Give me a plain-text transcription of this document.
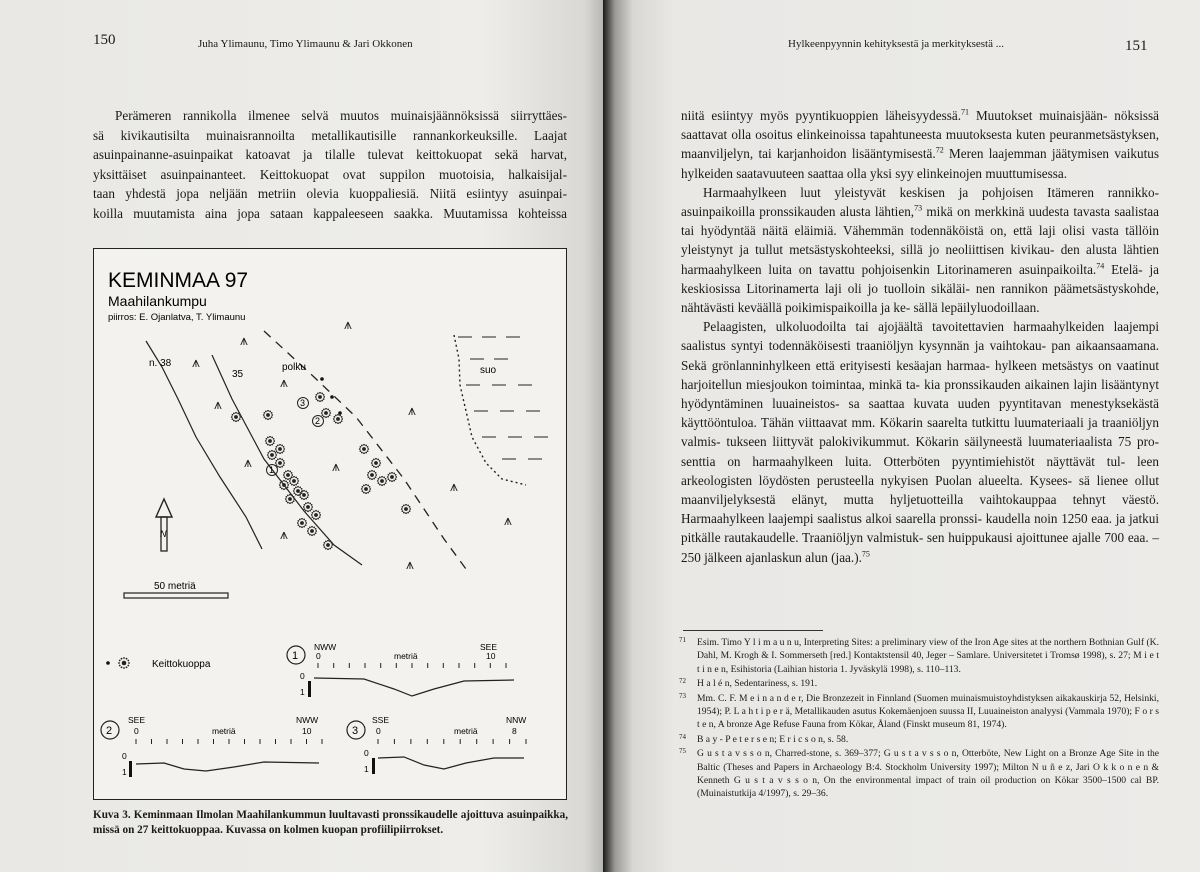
150	Juha Ylimaunu, Timo Ylimaunu & Jari Okkonen

Perämeren rannikolla ilmenee selvä muutos muinaisjäännöksissä siirryttäes-

sä kivikautisilta muinaisrannoilta metallikautisille rannankorkeuksille. Laajat

asuinpainanne-asuinpaikat katoavat ja tilalle tulevat keittokuopat sekä harvat,

yksittäiset asuinpainanteet. Keittokuopat ovat suppilon muotoisia, halkaisijal-

taan yhdestä jopa neljään metriin olevia kuoppaliesiä. Niitä esiintyy asuinpai-

koilla muutamista aina jopa sataan kappaleeseen saakka. Muutamissa kohteissa

KEMINMAA 97
Maahilankumpu
piirros: E. Ojanlatva, T. Ylimaunu
n. 38
35
polku	suo
⩚
⩚
⩚
⩚
⩚
⩚	⩚
⩚
⩚
⩚
⩚
⩚
3
2
1
N
50 metriä
Keittokuoppa
1
NWW
0	metriä
SEE
10
0
1
2
SEE
0	metriä
NWW
10
0
1
3
SSE
0	metriä
NNW
8
0
1
Kuva 3. Keminmaan Ilmolan Maahilankummun luultavasti pronssikaudelle ajoittuva asuinpaikka, missä on 27 keittokuoppaa. Kuvassa on kolmen kuopan profiilipiirrokset.
Hylkeenpyynnin kehityksestä ja merkityksestä ...	151

niitä esiintyy myös pyyntikuoppien läheisyydessä.$^{71}$ Muutokset muinaisjään- nöksissä saattavat olla osoitus elinkeinoissa tapahtuneesta muutoksesta kuten peuranmetsästyksen, maanviljelyn, tai karjanhoidon lisääntymisestä.$^{72}$ Meren laajemman jäätymisen vaikutus hylkeiden saatavuuteen saattaa olla yksi syy elinkeinojen muuttumisessa.

Harmaahylkeen luut yleistyvät keskisen ja pohjoisen Itämeren rannikko- asuinpaikoilla pronssikauden alusta lähtien,$^{73}$ mikä on merkkinä uudesta tavasta saalistaa tai hyödyntää näitä eläimiä. Vähemmän todennäköistä on, että laji olisi vasta tällöin yleistynyt ja tullut metsästyskohteeksi, sillä jo neoliittisen kivikau- den alusta lähtien harmaahylkeen luita on tavattu pohjoisenkin Litorinameren asuinpaikoilta.$^{74}$ Etelä- ja keskiosissa Litorinamerta laji oli jo tuolloin sikäläi- nen rannikon päämetsästyskohde, nähtävästi keväällä poikimispaikoilla ja ke- sällä lepäilyluodoillaan.

Pelaagisten, ulkoluodoilta tai ajojäältä tavoitettavien harmaahylkeiden laajempi saalistus syntyi todennäköisesti traaniöljyn kysynnän ja vaihtokau- pan aikaansaamana. Sekä grönlanninhylkeen että erityisesti kesäajan harmaa- hylkeen metsästys on vaatinut harjoitellun miesjoukon toimintaa, minkä ta- kia pronssikauden aikainen lajin lisääntynyt hyödyntäminen luuaineistos- sa saattaa kuvata uuden pyyntitavan menestyksekästä käyttööntuloa. Tähän viittaavat mm. Kökarin saarelta tutkittu luumateriaali ja traaniöljyn valmis- tukseen liittyvät palokivikummut. Kökarin säilyneestä luumateriaalista 75 pro- senttia on harmaahylkeen luita. Otterböten pyyntimiehistöt näyttävät tul- leen arkeologisten löydösten perusteella nykyisen Puolan alueelta. Kysees- sä lienee ollut maanviljelyksestä elänyt, mutta hyljetuotteilla vaihtokauppaa tehnyt väestö. Harmaahylkeen laajempi saalistus alkoi saarella pronssi- kaudella noin 1250 eaa. ja jatkui pitkälle rautakaudelle. Traaniöljyn valmistuk- sen huippukausi ajoittunee ajalle 700 eaa. – 250 jälkeen ajanlaskun alun (jaa.).$^{75}$

71	Esim. Timo Y l i m a u n u, Interpreting Sites: a preliminary view of the Iron Age sites at the northern Bothnian Gulf (K. Dahl, M. Krogh & I. Sommerseth [red.] Kontaktstensil 40, Jeger – Samlare. Universitetet i Tromsø 1998), s. 27; M i e t t i n e n, Esihistoria (Laihian historia 1. Jyväskylä 1998), s. 110–113.
72	H a l é n, Sedentariness, s. 191.
73	Mm. C. F. M e i n a n d e r, Die Bronzezeit in Finnland (Suomen muinaismuistoyhdistyksen aikakauskirja 52, Helsinki, 1954); P. L a h t i p e r ä, Metallikauden asutus Kokemäenjoen suussa II, Luuaineiston analyysi (Vammala 1970); F o r s t e n, A bronze Age Refuse Fauna from Kökar, Åland (Finskt museum 81, 1974).
74	B a y - P e t e r s e n; E r i c s o n, s. 58.
75	G u s t a v s s o n, Charred-stone, s. 369–377; G u s t a v s s o n, Otterböte, New Light on a Bronze Age Site in the Baltic (Theses and Papers in Archaeology B:4. Stockholm University 1997); Milton N u ñ e z, Jari O k k o n e n & Kenneth G u s t a v s s o n, On the environmental impact of train oil production on Kökar 3500–1500 cal BP. (Muinaistutkija 4/1997), s. 29–36.
